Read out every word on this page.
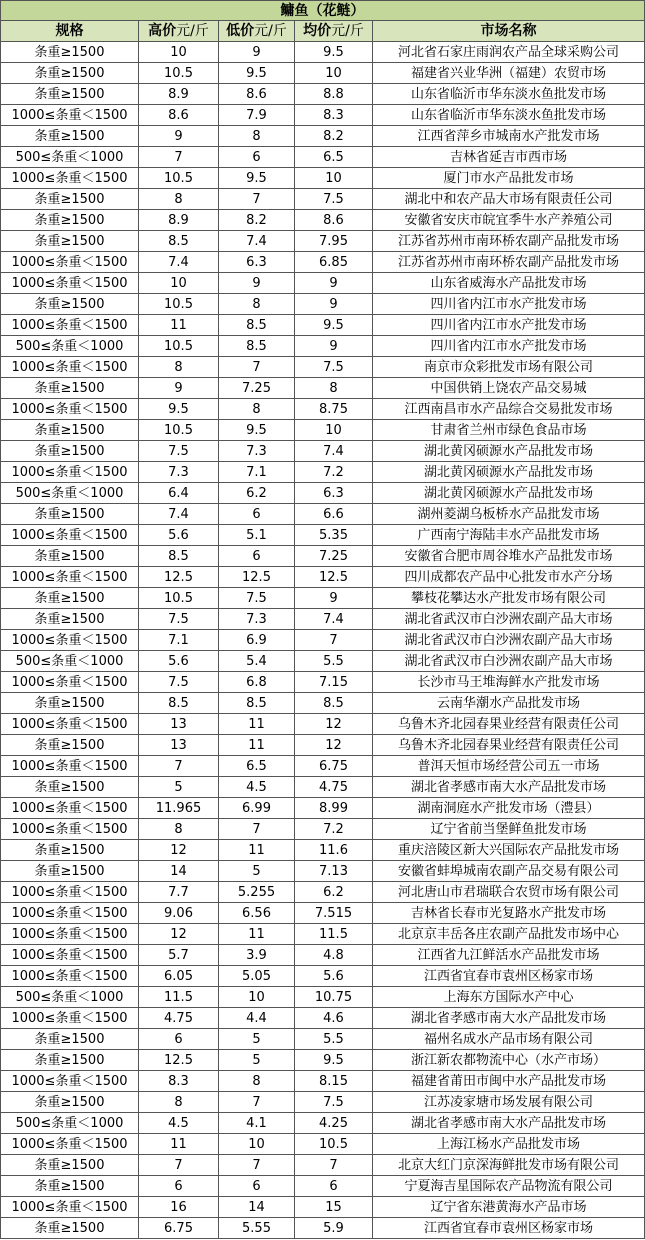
鳙鱼（花鲢）				
规格	高价元/斤	低价元/斤	均价元/斤	市场名称
条重≥1500	10	9	9.5	河北省石家庄雨润农产品全球采购公司
条重≥1500	10.5	9.5	10	福建省兴业华洲（福建）农贸市场
条重≥1500	8.9	8.6	8.8	山东省临沂市华东淡水鱼批发市场
1000≤条重＜1500	8.6	7.9	8.3	山东省临沂市华东淡水鱼批发市场
条重≥1500	9	8	8.2	江西省萍乡市城南水产批发市场
500≤条重＜1000	7	6	6.5	吉林省延吉市西市场
1000≤条重＜1500	10.5	9.5	10	厦门市水产品批发市场
条重≥1500	8	7	7.5	湖北中和农产品大市场有限责任公司
条重≥1500	8.9	8.2	8.6	安徽省安庆市皖宜季牛水产养殖公司
条重≥1500	8.5	7.4	7.95	江苏省苏州市南环桥农副产品批发市场
1000≤条重＜1500	7.4	6.3	6.85	江苏省苏州市南环桥农副产品批发市场
1000≤条重＜1500	10	9	9	山东省威海水产品批发市场
条重≥1500	10.5	8	9	四川省内江市水产批发市场
1000≤条重＜1500	11	8.5	9.5	四川省内江市水产批发市场
500≤条重＜1000	10.5	8.5	9	四川省内江市水产批发市场
1000≤条重＜1500	8	7	7.5	南京市众彩批发市场有限公司
条重≥1500	9	7.25	8	中国供销上饶农产品交易城
1000≤条重＜1500	9.5	8	8.75	江西南昌市水产品综合交易批发市场
条重≥1500	10.5	9.5	10	甘肃省兰州市绿色食品市场
条重≥1500	7.5	7.3	7.4	湖北黄冈硕源水产品批发市场
1000≤条重＜1500	7.3	7.1	7.2	湖北黄冈硕源水产品批发市场
500≤条重＜1000	6.4	6.2	6.3	湖北黄冈硕源水产品批发市场
条重≥1500	7.4	6	6.6	湖州菱湖乌板桥水产品批发市场
1000≤条重＜1500	5.6	5.1	5.35	广西南宁海陆丰水产品批发市场
条重≥1500	8.5	6	7.25	安徽省合肥市周谷堆水产品批发市场
1000≤条重＜1500	12.5	12.5	12.5	四川成都农产品中心批发市水产分场
条重≥1500	10.5	7.5	9	攀枝花攀达水产批发市场有限公司
条重≥1500	7.5	7.3	7.4	湖北省武汉市白沙洲农副产品大市场
1000≤条重＜1500	7.1	6.9	7	湖北省武汉市白沙洲农副产品大市场
500≤条重＜1000	5.6	5.4	5.5	湖北省武汉市白沙洲农副产品大市场
1000≤条重＜1500	7.5	6.8	7.15	长沙市马王堆海鲜水产批发市场
条重≥1500	8.5	8.5	8.5	云南华潮水产品批发市场
1000≤条重＜1500	13	11	12	乌鲁木齐北园春果业经营有限责任公司
条重≥1500	13	11	12	乌鲁木齐北园春果业经营有限责任公司
1000≤条重＜1500	7	6.5	6.75	普洱天恒市场经营公司五一市场
条重≥1500	5	4.5	4.75	湖北省孝感市南大水产品批发市场
1000≤条重＜1500	11.965	6.99	8.99	湖南洞庭水产批发市场（澧县）
1000≤条重＜1500	8	7	7.2	辽宁省前当堡鲜鱼批发市场
条重≥1500	12	11	11.6	重庆涪陵区新大兴国际农产品批发市场
条重≥1500	14	5	7.13	安徽省蚌埠城南农副产品交易有限公司
1000≤条重＜1500	7.7	5.255	6.2	河北唐山市君瑞联合农贸市场有限公司
1000≤条重＜1500	9.06	6.56	7.515	吉林省长春市光复路水产批发市场
1000≤条重＜1500	12	11	11.5	北京京丰岳各庄农副产品批发市场中心
1000≤条重＜1500	5.7	3.9	4.8	江西省九江鲜活水产品批发市场
1000≤条重＜1500	6.05	5.05	5.6	江西省宜春市袁州区杨家市场
500≤条重＜1000	11.5	10	10.75	上海东方国际水产中心
1000≤条重＜1500	4.75	4.4	4.6	湖北省孝感市南大水产品批发市场
条重≥1500	6	5	5.5	福州名成水产品市场有限公司
条重≥1500	12.5	5	9.5	浙江新农都物流中心（水产市场）
1000≤条重＜1500	8.3	8	8.15	福建省莆田市闽中水产品批发市场
条重≥1500	8	7	7.5	江苏凌家塘市场发展有限公司
500≤条重＜1000	4.5	4.1	4.25	湖北省孝感市南大水产品批发市场
1000≤条重＜1500	11	10	10.5	上海江杨水产品批发市场
条重≥1500	7	7	7	北京大红门京深海鲜批发市场有限公司
条重≥1500	6	6	6	宁夏海吉星国际农产品物流有限公司
1000≤条重＜1500	16	14	15	辽宁省东港黄海水产品市场
条重≥1500	6.75	5.55	5.9	江西省宜春市袁州区杨家市场
